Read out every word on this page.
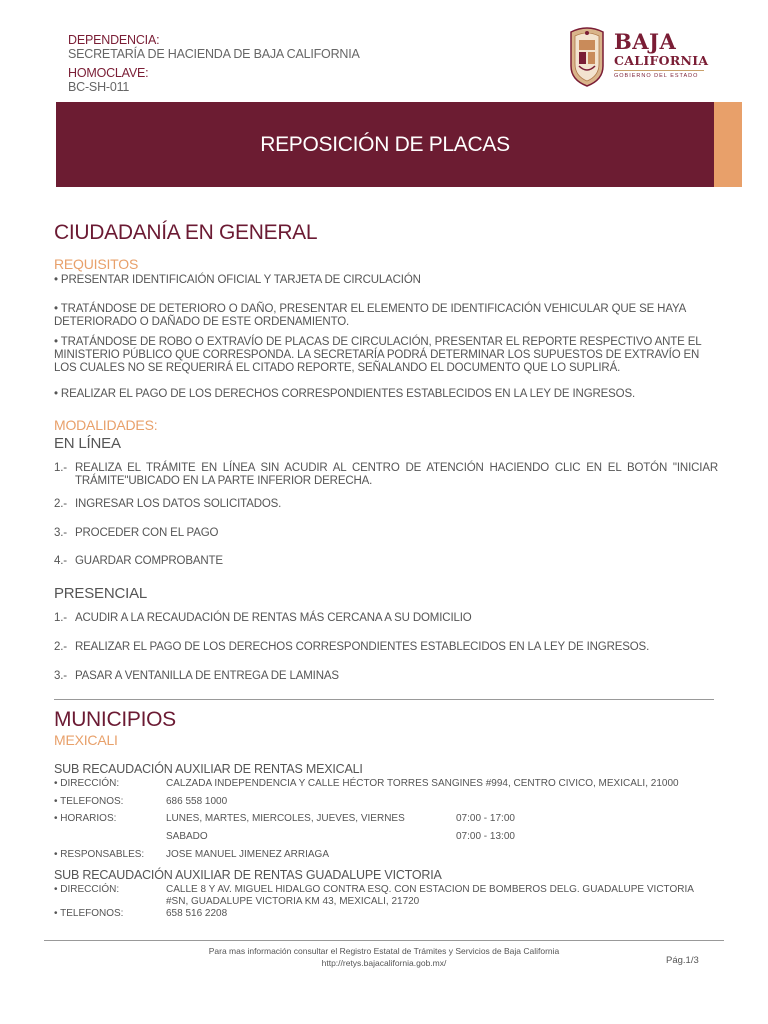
DEPENDENCIA:
SECRETARÍA DE HACIENDA DE BAJA CALIFORNIA
HOMOCLAVE:
BC-SH-011
BAJA
CALIFORNIA
GOBIERNO DEL ESTADO
REPOSICIÓN DE PLACAS
CIUDADANÍA EN GENERAL
REQUISITOS
• PRESENTAR IDENTIFICAIÓN OFICIAL Y TARJETA DE CIRCULACIÓN
• TRATÁNDOSE DE DETERIORO O DAÑO, PRESENTAR EL ELEMENTO DE IDENTIFICACIÓN VEHICULAR QUE SE HAYA DETERIORADO O DAÑADO DE ESTE ORDENAMIENTO.
• TRATÁNDOSE DE ROBO O EXTRAVÍO DE PLACAS DE CIRCULACIÓN, PRESENTAR EL REPORTE RESPECTIVO ANTE EL MINISTERIO PÚBLICO QUE CORRESPONDA. LA SECRETARÍA PODRÁ DETERMINAR LOS SUPUESTOS DE EXTRAVÍO EN LOS CUALES NO SE REQUERIRÁ EL CITADO REPORTE, SEÑALANDO EL DOCUMENTO QUE LO SUPLIRÁ.
• REALIZAR EL PAGO DE LOS DERECHOS CORRESPONDIENTES ESTABLECIDOS EN LA LEY DE INGRESOS.
MODALIDADES:
EN LÍNEA
1.- REALIZA EL TRÁMITE EN LÍNEA SIN ACUDIR AL CENTRO DE ATENCIÓN HACIENDO CLIC EN EL BOTÓN "INICIAR TRÁMITE"UBICADO EN LA PARTE INFERIOR DERECHA.
2.- INGRESAR LOS DATOS SOLICITADOS.
3.- PROCEDER CON EL PAGO
4.- GUARDAR COMPROBANTE
PRESENCIAL
1.- ACUDIR A LA RECAUDACIÓN DE RENTAS MÁS CERCANA A SU DOMICILIO
2.- REALIZAR EL PAGO DE LOS DERECHOS CORRESPONDIENTES ESTABLECIDOS EN LA LEY DE INGRESOS.
3.- PASAR A VENTANILLA DE ENTREGA DE LAMINAS
MUNICIPIOS
MEXICALI
SUB RECAUDACIÓN AUXILIAR DE RENTAS MEXICALI
• DIRECCIÓN:	CALZADA INDEPENDENCIA Y CALLE HÉCTOR TORRES SANGINES #994, CENTRO CIVICO, MEXICALI, 21000
• TELEFONOS:	686 558 1000
• HORARIOS:	LUNES, MARTES, MIERCOLES, JUEVES, VIERNES	07:00 - 17:00
SABADO	07:00 - 13:00
• RESPONSABLES: JOSE MANUEL JIMENEZ ARRIAGA
SUB RECAUDACIÓN AUXILIAR DE RENTAS GUADALUPE VICTORIA
• DIRECCIÓN:	CALLE 8 Y AV. MIGUEL HIDALGO CONTRA ESQ. CON ESTACION DE BOMBEROS DELG. GUADALUPE VICTORIA #SN, GUADALUPE VICTORIA KM 43, MEXICALI, 21720
• TELEFONOS:	658 516 2208
Para mas información consultar el Registro Estatal de Trámites y Servicios de Baja California
http://retys.bajacalifornia.gob.mx/	Pág.1/3
